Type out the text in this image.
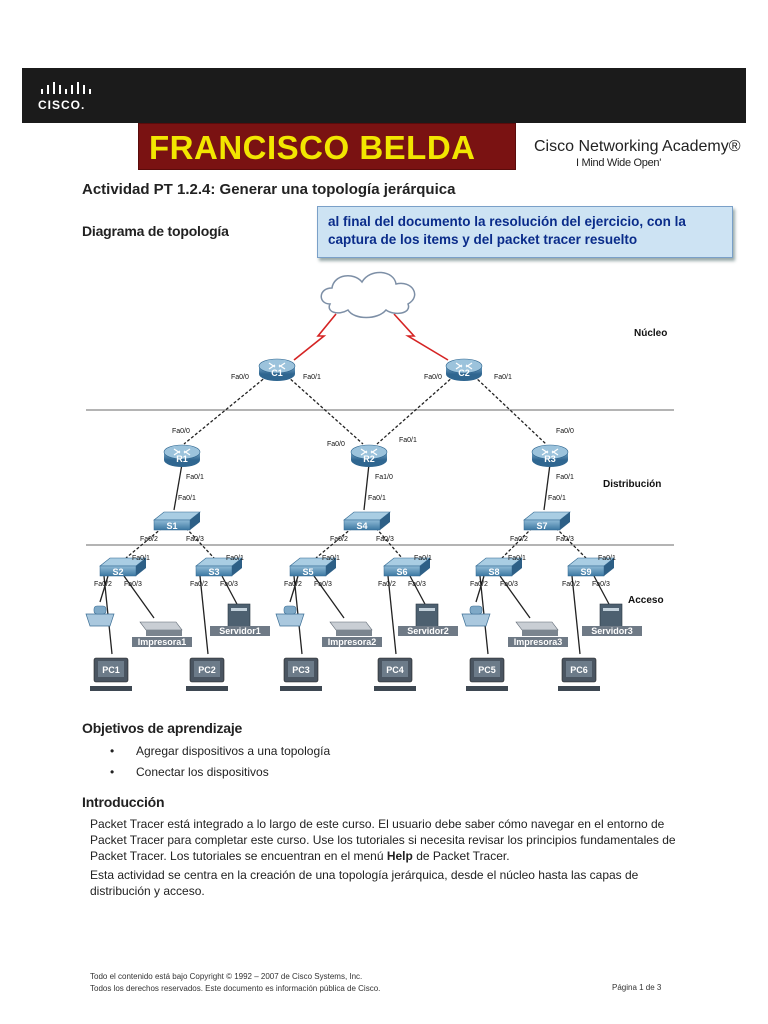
CISCO.
FRANCISCO BELDA	Cisco Networking Academy®
I Mind Wide Open'
Actividad PT 1.2.4: Generar una topología jerárquica
Diagrama de topología

al final del documento la resolución del ejercicio, con la captura de los items y del packet tracer resuelto

Núcleo
Distribución
Acceso
C1	C2
R1	R2	R3
S1	S4	S7
S2	S3	S5	S6	S8	S9
Fa0/0	Fa0/1	Fa0/0	Fa0/1
Fa0/0
Fa0/1
Fa0/0
Fa0/1
Fa1/0
Fa0/0
Fa0/1
Fa0/1
Fa0/2	Fa0/3
Fa0/1
Fa0/2	Fa0/3
Fa0/1
Fa0/2	Fa0/3
Fa0/1
Fa0/2 Fa0/3
Impresora1
PC1
Fa0/1
Fa0/2 Fa0/3
Servidor1
PC2
Fa0/1
Fa0/2 Fa0/3
Impresora2
PC3
Fa0/1
Fa0/2 Fa0/3
Servidor2
PC4
Fa0/1
Fa0/2 Fa0/3
Impresora3
PC5
Fa0/1
Fa0/2 Fa0/3
Servidor3
PC6
Objetivos de aprendizaje
• Agregar dispositivos a una topología
• Conectar los dispositivos
Introducción

Packet Tracer está integrado a lo largo de este curso. El usuario debe saber cómo navegar en el entorno de Packet Tracer para completar este curso. Use los tutoriales si necesita revisar los principios fundamentales de Packet Tracer. Los tutoriales se encuentran en el menú Help de Packet Tracer.

Esta actividad se centra en la creación de una topología jerárquica, desde el núcleo hasta las capas de distribución y acceso.

Todo el contenido está bajo Copyright © 1992 – 2007 de Cisco Systems, Inc.
Todos los derechos reservados. Este documento es información pública de Cisco.	Página 1 de 3
